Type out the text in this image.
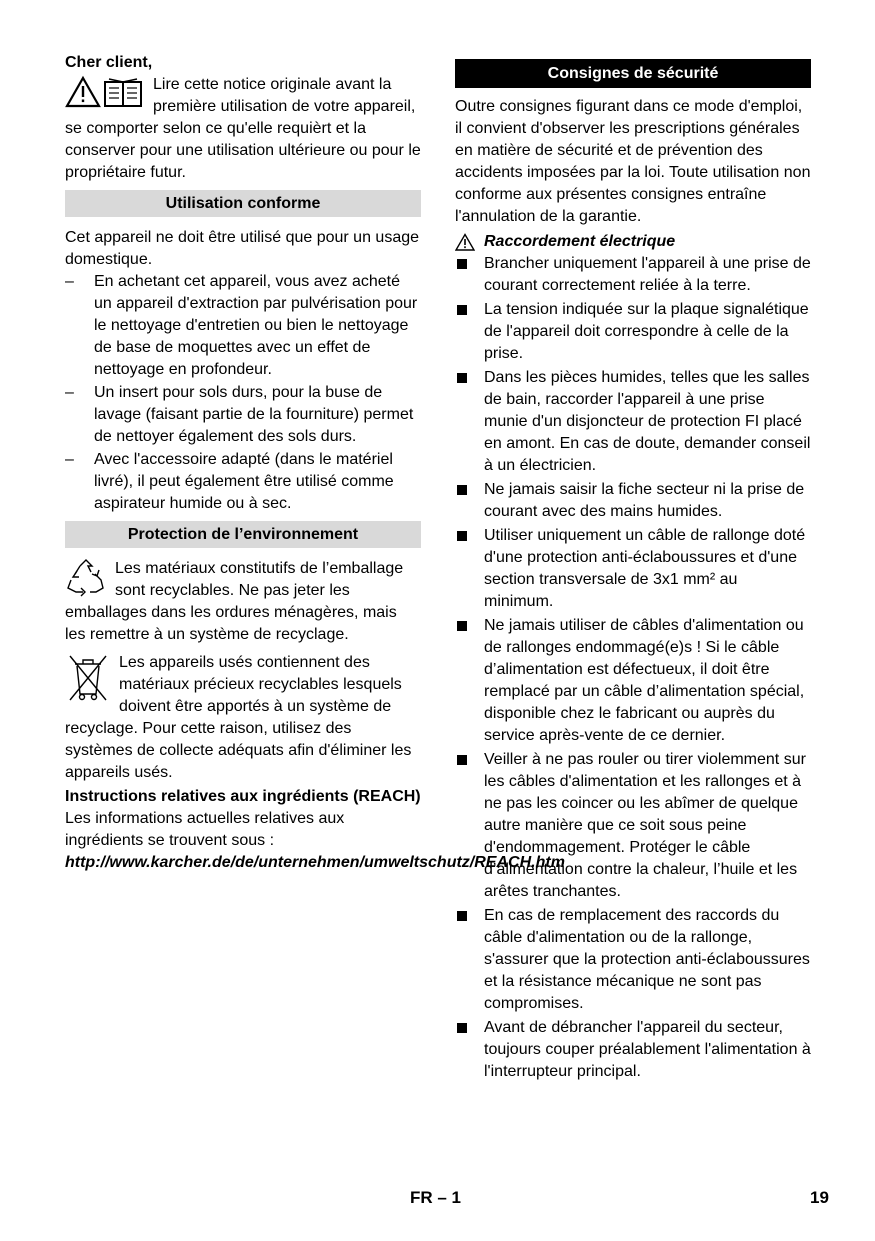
Cher client,

Lire cette notice originale avant la première utilisation de votre appareil, se comporter selon ce qu'elle requièrt et la conserver pour une utilisation ultérieure ou pour le propriétaire futur.

Utilisation conforme

Cet appareil ne doit être utilisé que pour un usage domestique.

– En achetant cet appareil, vous avez acheté un appareil d'extraction par pulvérisation pour le nettoyage d'entretien ou bien le nettoyage de base de moquettes avec un effet de nettoyage en profondeur.
– Un insert pour sols durs, pour la buse de lavage (faisant partie de la fourniture) permet de nettoyer également des sols durs.
– Avec l'accessoire adapté (dans le matériel livré), il peut également être utilisé comme aspirateur humide ou à sec.
Protection de l’environnement

Les matériaux constitutifs de l’emballage sont recyclables. Ne pas jeter les emballages dans les ordures ménagères, mais les remettre à un système de recyclage.

Les appareils usés contiennent des matériaux précieux recyclables lesquels doivent être apportés à un système de recyclage. Pour cette raison, utilisez des systèmes de collecte adéquats afin d'éliminer les appareils usés.

Instructions relatives aux ingrédients (REACH)

Les informations actuelles relatives aux ingrédients se trouvent sous :

http://www.karcher.de/de/unternehmen/umweltschutz/REACH.htm

Consignes de sécurité

Outre consignes figurant dans ce mode d'emploi, il convient d'observer les prescriptions générales en matière de sécurité et de prévention des accidents imposées par la loi. Toute utilisation non conforme aux présentes consignes entraîne l'annulation de la garantie.

Raccordement électrique
Brancher uniquement l'appareil à une prise de courant correctement reliée à la terre.
La tension indiquée sur la plaque signalétique de l'appareil doit correspondre à celle de la prise.
Dans les pièces humides, telles que les salles de bain, raccorder l'appareil à une prise munie d'un disjoncteur de protection FI placé en amont. En cas de doute, demander conseil à un électricien.
Ne jamais saisir la fiche secteur ni la prise de courant avec des mains humides.
Utiliser uniquement un câble de rallonge doté d'une protection anti-éclaboussures et d'une section transversale de 3x1 mm² au minimum.
Ne jamais utiliser de câbles d'alimentation ou de rallonges endommagé(e)s ! Si le câble d’alimentation est défectueux, il doit être remplacé par un câble d’alimentation spécial, disponible chez le fabricant ou auprès du service après-vente de ce dernier.
Veiller à ne pas rouler ou tirer violemment sur les câbles d'alimentation et les rallonges et à ne pas les coincer ou les abîmer de quelque autre manière que ce soit sous peine d'endommagement. Protéger le câble d’alimentation contre la chaleur, l’huile et les arêtes tranchantes.
En cas de remplacement des raccords du câble d'alimentation ou de la rallonge, s'assurer que la protection anti-éclaboussures et la résistance mécanique ne sont pas compromises.
Avant de débrancher l'appareil du secteur, toujours couper préalablement l'alimentation à l'interrupteur principal.
FR – 1	19
